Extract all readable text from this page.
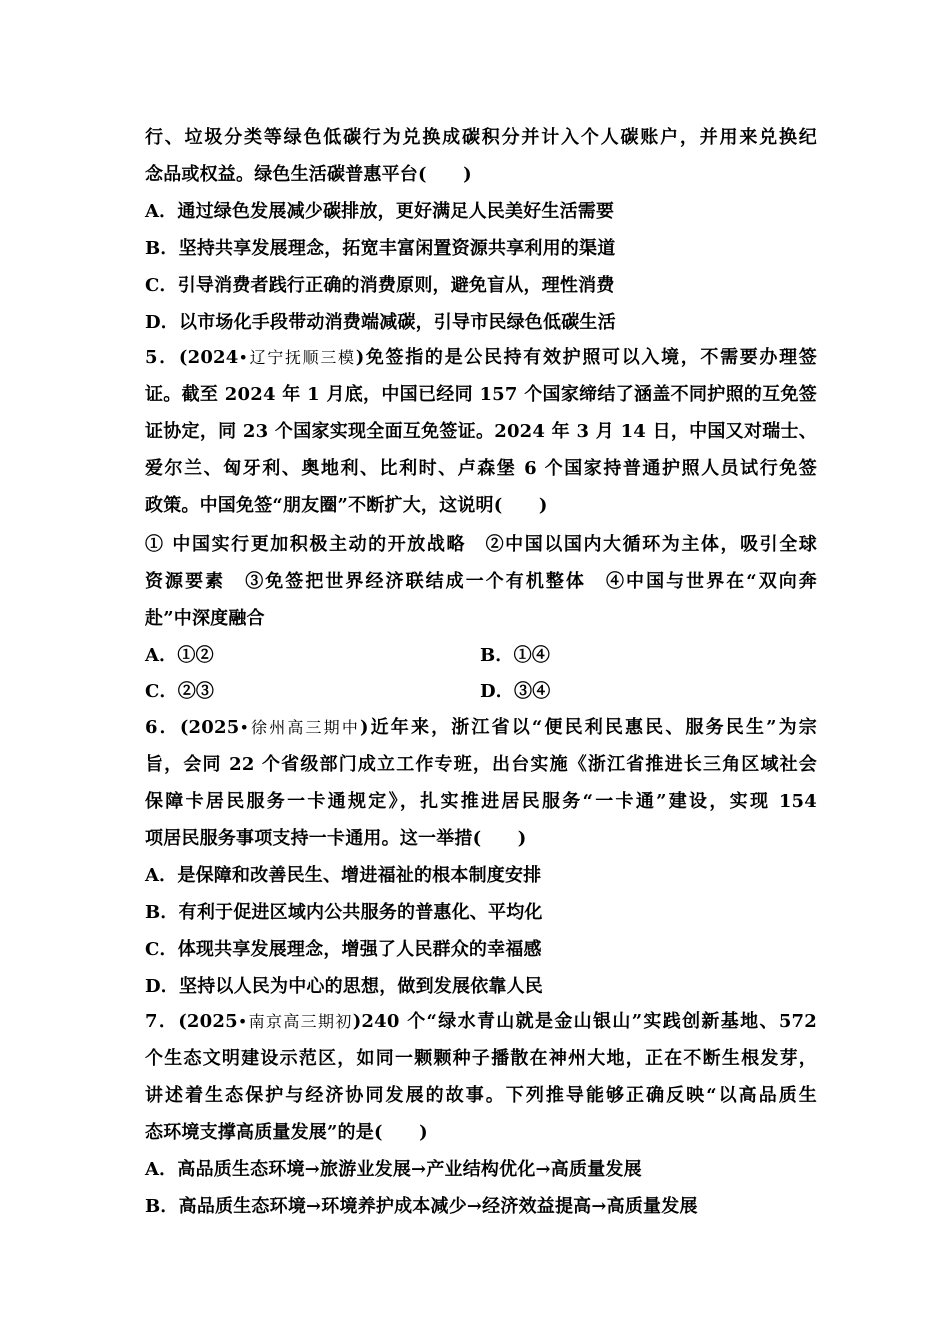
行、垃圾分类等绿色低碳行为兑换成碳积分并计入个人碳账户，并用来兑换纪
念品或权益。绿色生活碳普惠平台(　　)
A．通过绿色发展减少碳排放，更好满足人民美好生活需要
B．坚持共享发展理念，拓宽丰富闲置资源共享利用的渠道
C．引导消费者践行正确的消费原则，避免盲从，理性消费
D．以市场化手段带动消费端减碳，引导市民绿色低碳生活
5．(2024•辽宁抚顺三模)免签指的是公民持有效护照可以入境，不需要办理签
证。截至 2024 年 1 月底，中国已经同 157 个国家缔结了涵盖不同护照的互免签
证协定，同 23 个国家实现全面互免签证。2024 年 3 月 14 日，中国又对瑞士、
爱尔兰、匈牙利、奥地利、比利时、卢森堡 6 个国家持普通护照人员试行免签
政策。中国免签“朋友圈”不断扩大，这说明(　　)
① 中国实行更加积极主动的开放战略　②中国以国内大循环为主体，吸引全球
资源要素　③免签把世界经济联结成一个有机整体　④中国与世界在“双向奔
赴”中深度融合
A．①②	B．①④
C．②③	D．③④
6．(2025•徐州高三期中)近年来，浙江省以“便民利民惠民、服务民生”为宗
旨，会同 22 个省级部门成立工作专班，出台实施《浙江省推进长三角区域社会
保障卡居民服务一卡通规定》，扎实推进居民服务“一卡通”建设，实现 154
项居民服务事项支持一卡通用。这一举措(　　)
A．是保障和改善民生、增进福祉的根本制度安排
B．有利于促进区域内公共服务的普惠化、平均化
C．体现共享发展理念，增强了人民群众的幸福感
D．坚持以人民为中心的思想，做到发展依靠人民
7．(2025•南京高三期初)240 个“绿水青山就是金山银山”实践创新基地、572
个生态文明建设示范区，如同一颗颗种子播散在神州大地，正在不断生根发芽，
讲述着生态保护与经济协同发展的故事。下列推导能够正确反映“以高品质生
态环境支撑高质量发展”的是(　　)
A．高品质生态环境→旅游业发展→产业结构优化→高质量发展
B．高品质生态环境→环境养护成本减少→经济效益提高→高质量发展
